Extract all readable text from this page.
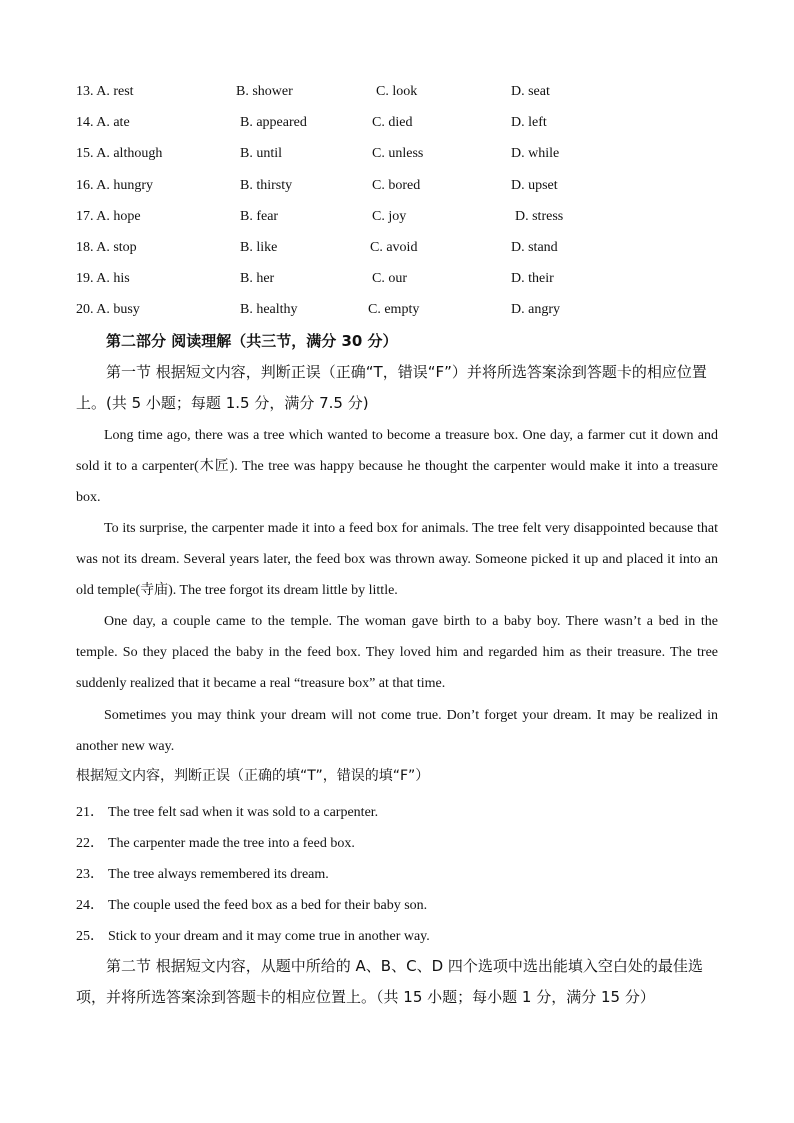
13. A. rest	B. shower	C. look	D. seat
14. A. ate	B. appeared	C. died	D. left
15. A. although	B. until	C. unless	D. while
16. A. hungry	B. thirsty	C. bored	D. upset
17. A. hope	B. fear	C. joy	D. stress
18. A. stop	B. like	C. avoid	D. stand
19. A. his	B. her	C. our	D. their
20. A. busy	B. healthy	C. empty	D. angry

第二部分 阅读理解（共三节，满分 30 分）

第一节 根据短文内容，判断正误（正确“T，错误“F”）并将所选答案涂到答题卡的相应位置上。(共 5 小题；每题 1.5 分，满分 7.5 分)

Long time ago, there was a tree which wanted to become a treasure box. One day, a farmer cut it down and sold it to a carpenter(木匠). The tree was happy because he thought the carpenter would make it into a treasure box.

To its surprise, the carpenter made it into a feed box for animals. The tree felt very disappointed because that was not its dream. Several years later, the feed box was thrown away. Someone picked it up and placed it into an old temple(寺庙). The tree forgot its dream little by little.

One day, a couple came to the temple. The woman gave birth to a baby boy. There wasn’t a bed in the temple. So they placed the baby in the feed box. They loved him and regarded him as their treasure. The tree suddenly realized that it became a real “treasure box” at that time.

Sometimes you may think your dream will not come true. Don’t forget your dream. It may be realized in another new way.

根据短文内容，判断正误（正确的填“T”，错误的填“F”）

21． The tree felt sad when it was sold to a carpenter.
22． The carpenter made the tree into a feed box.
23． The tree always remembered its dream.
24． The couple used the feed box as a bed for their baby son.
25． Stick to your dream and it may come true in another way.

第二节 根据短文内容，从题中所给的 A、B、C、D 四个选项中选出能填入空白处的最佳选项，并将所选答案涂到答题卡的相应位置上。（共 15 小题；每小题 1 分，满分 15 分）
